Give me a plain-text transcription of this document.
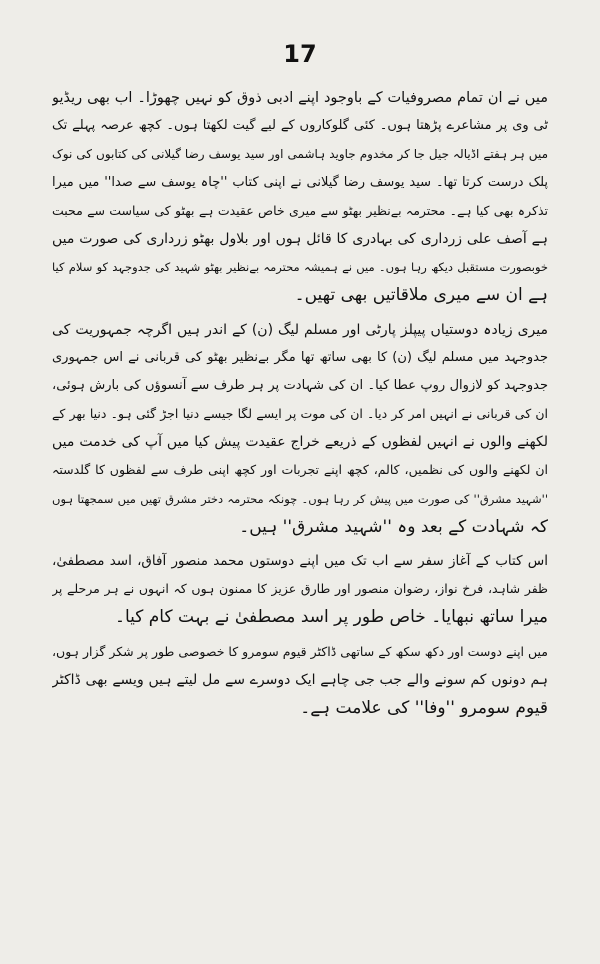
17
میں نے ان تمام مصروفیات کے باوجود اپنے ادبی ذوق کو نہیں چھوڑا۔ اب بھی ریڈیو
ٹی وی پر مشاعرے پڑھتا ہوں۔ کئی گلوکاروں کے لیے گیت لکھتا ہوں۔ کچھ عرصہ پہلے تک
میں ہر ہفتے اڈیالہ جیل جا کر مخدوم جاوید ہاشمی اور سید یوسف رضا گیلانی کی کتابوں کی نوک
پلک درست کرتا تھا۔ سید یوسف رضا گیلانی نے اپنی کتاب ''چاہ یوسف سے صدا'' میں میرا
تذکرہ بھی کیا ہے۔ محترمہ بےنظیر بھٹو سے میری خاص عقیدت ہے بھٹو کی سیاست سے محبت
ہے آصف علی زرداری کی بہادری کا قائل ہوں اور بلاول بھٹو زرداری کی صورت میں
خوبصورت مستقبل دیکھ رہا ہوں۔ میں نے ہمیشہ محترمہ بےنظیر بھٹو شہید کی جدوجہد کو سلام کیا
ہے ان سے میری ملاقاتیں بھی تھیں۔
میری زیادہ دوستیاں پیپلز پارٹی اور مسلم لیگ (ن) کے اندر ہیں اگرچہ جمہوریت کی
جدوجہد میں مسلم لیگ (ن) کا بھی ساتھ تھا مگر بےنظیر بھٹو کی قربانی نے اس جمہوری
جدوجہد کو لازوال روپ عطا کیا۔ ان کی شہادت پر ہر طرف سے آنسوؤں کی بارش ہوئی،
ان کی قربانی نے انہیں امر کر دیا۔ ان کی موت پر ایسے لگا جیسے دنیا اجڑ گئی ہو۔ دنیا بھر کے
لکھنے والوں نے انہیں لفظوں کے ذریعے خراج عقیدت پیش کیا میں آپ کی خدمت میں
ان لکھنے والوں کی نظمیں، کالم، کچھ اپنے تجربات اور کچھ اپنی طرف سے لفظوں کا گلدستہ
''شہید مشرق'' کی صورت میں پیش کر رہا ہوں۔ چونکہ محترمہ دختر مشرق تھیں میں سمجھتا ہوں
کہ شہادت کے بعد وہ ''شہید مشرق'' ہیں۔
اس کتاب کے آغاز سفر سے اب تک میں اپنے دوستوں محمد منصور آفاق، اسد مصطفیٰ،
ظفر شاہد، فرخ نواز، رضوان منصور اور طارق عزیز کا ممنون ہوں کہ انہوں نے ہر مرحلے پر
میرا ساتھ نبھایا۔ خاص طور پر اسد مصطفیٰ نے بہت کام کیا۔
میں اپنے دوست اور دکھ سکھ کے ساتھی ڈاکٹر قیوم سومرو کا خصوصی طور پر شکر گزار ہوں،
ہم دونوں کم سونے والے جب جی چاہے ایک دوسرے سے مل لیتے ہیں ویسے بھی ڈاکٹر
قیوم سومرو ''وفا'' کی علامت ہے۔
